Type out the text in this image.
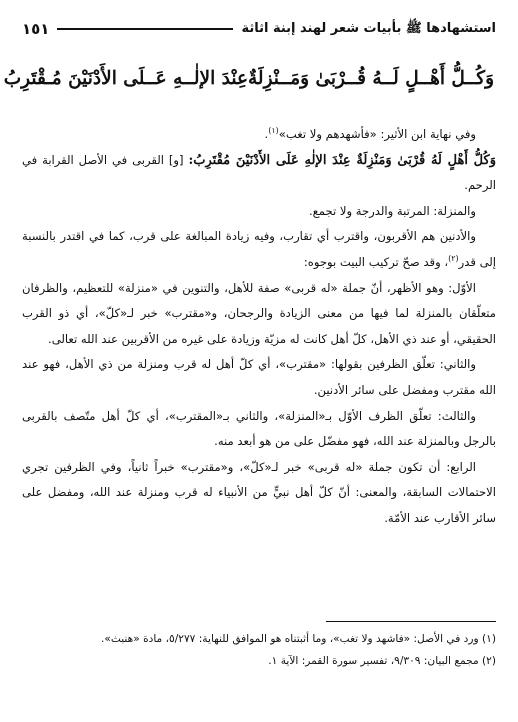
استشهادها ﷺ بأبيات شعر لهند إبنة اثاثة
١٥١
وَكُــلُّ أَهْــلٍ لَــهُ قُــرْبَىٰ وَمَــنْزِلَةٌ
عِنْدَ الإلٰــهِ عَــلَى الأَدْنَيْنَ مُـقْتَرِبُ

وفي نهاية ابن الأثير: «فأشهدهم ولا تغب»$^{(١)}$.

وَكُلُّ أَهْلٍ لَهُ قُرْبَىٰ وَمَنْزِلَةٌ عِنْدَ الإلٰهِ عَلَى الأَدْنَيْنَ مُقْتَرِبُ: [و] القربى في الأصل القرابة في الرحم.

والمنزلة: المرتبة والدرجة ولا تجمع.

والأدنين هم الأقربون، واقترب أي تقارب، وفيه زيادة المبالغة على قرب، كما في اقتدر بالنسبة إلى قدر$^{(٢)}$، وقد صحّ تركيب البيت بوجوه:

الأوّل: وهو الأظهر، أنّ جملة «له قربى» صفة للأهل، والتنوين في «منزلة» للتعظيم، والظرفان متعلّقان بالمنزلة لما فيها من معنى الزيادة والرجحان، و«مقترب» خبر لـ«كلّ»، أي ذو القرب الحقيقي، أو عند ذي الأهل، كلّ أهل كانت له مزيّة وزيادة على غيره من الأقربين عند الله تعالى.

والثاني: تعلّق الظرفين بقولها: «مقترب»، أي كلّ أهل له قرب ومنزلة من ذي الأهل، فهو عند الله مقترب ومفضل على سائر الأدنين.

والثالث: تعلّق الظرف الأوّل بـ«المنزلة»، والثاني بـ«المقترب»، أي كلّ أهل متّصف بالقربى بالرجل وبالمنزلة عند الله، فهو مفضّل على من هو أبعد منه.

الرابع: أن تكون جملة «له قربى» خبر لـ«كلّ»، و«مقترب» خبراً ثانياً، وفي الظرفين تجري الاحتمالات السابقة، والمعنى: أنّ كلّ أهل نبيٍّ من الأنبياء له قرب ومنزلة عند الله، ومفضل على سائر الأقارب عند الأمّة.

(١) ورد في الأصل: «فاشهد ولا تغب»، وما أثبتناه هو الموافق للنهاية: ٥/٢٧٧، مادة «هنبث».

(٢) مجمع البيان: ٩/٣٠٩، تفسير سورة القمر: الآية ١.
